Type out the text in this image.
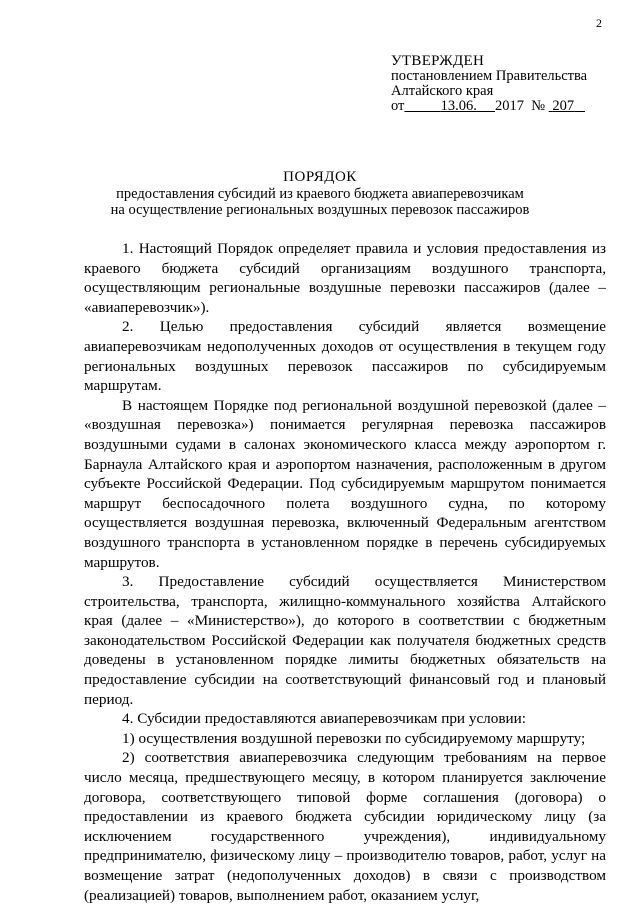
2
УТВЕРЖДЕН
постановлением Правительства
Алтайского края
от	13.06. 2017 № 207
ПОРЯДОК
предоставления субсидий из краевого бюджета авиаперевозчикам
на осуществление региональных воздушных перевозок пассажиров

1. Настоящий Порядок определяет правила и условия предоставления из краевого бюджета субсидий организациям воздушного транспорта, осуществляющим региональные воздушные перевозки пассажиров (далее – «авиаперевозчик»).

2. Целью предоставления субсидий является возмещение авиаперевозчикам недополученных доходов от осуществления в текущем году региональных воздушных перевозок пассажиров по субсидируемым маршрутам.

В настоящем Порядке под региональной воздушной перевозкой (далее – «воздушная перевозка») понимается регулярная перевозка пассажиров воздушными судами в салонах экономического класса между аэропортом г. Барнаула Алтайского края и аэропортом назначения, расположенным в другом субъекте Российской Федерации. Под субсидируемым маршрутом понимается маршрут беспосадочного полета воздушного судна, по которому осуществляется воздушная перевозка, включенный Федеральным агентством воздушного транспорта в установленном порядке в перечень субсидируемых маршрутов.

3. Предоставление субсидий осуществляется Министерством строительства, транспорта, жилищно-коммунального хозяйства Алтайского края (далее – «Министерство»), до которого в соответствии с бюджетным законодательством Российской Федерации как получателя бюджетных средств доведены в установленном порядке лимиты бюджетных обязательств на предоставление субсидии на соответствующий финансовый год и плановый период.

4. Субсидии предоставляются авиаперевозчикам при условии:

1) осуществления воздушной перевозки по субсидируемому маршруту;

2) соответствия авиаперевозчика следующим требованиям на первое число месяца, предшествующего месяцу, в котором планируется заключение договора, соответствующего типовой форме соглашения (договора) о предоставлении из краевого бюджета субсидии юридическому лицу (за исключением государственного учреждения), индивидуальному предпринимателю, физическому лицу – производителю товаров, работ, услуг на возмещение затрат (недополученных доходов) в связи с производством (реализацией) товаров, выполнением работ, оказанием услуг,
